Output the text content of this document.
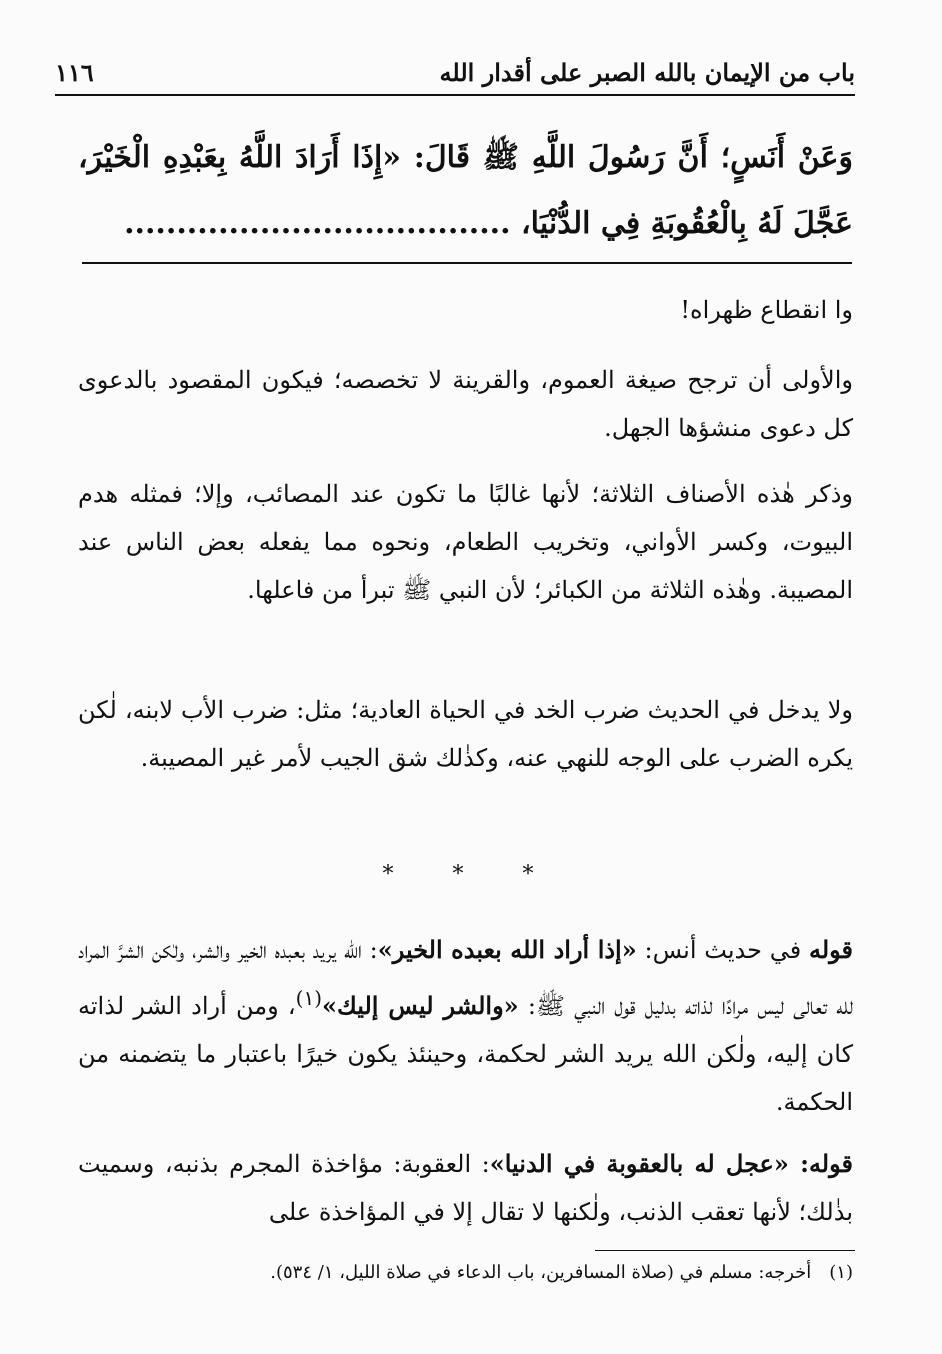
باب من الإيمان بالله الصبر على أقدار الله
١١٦
وَعَنْ أَنَسٍ؛ أَنَّ رَسُولَ اللَّهِ ﷺ قَالَ: «إِذَا أَرَادَ اللَّهُ بِعَبْدِهِ الْخَيْرَ، عَجَّلَ لَهُ بِالْعُقُوبَةِ فِي الدُّنْيَا، .....................................
وا انقطاع ظهراه!
والأولى أن ترجح صيغة العموم، والقرينة لا تخصصه؛ فيكون المقصود بالدعوى كل دعوى منشؤها الجهل.
وذكر هٰذه الأصناف الثلاثة؛ لأنها غالبًا ما تكون عند المصائب، وإلا؛ فمثله هدم البيوت، وكسر الأواني، وتخريب الطعام، ونحوه مما يفعله بعض الناس عند المصيبة. وهٰذه الثلاثة من الكبائر؛ لأن النبي ﷺ تبرأ من فاعلها.
ولا يدخل في الحديث ضرب الخد في الحياة العادية؛ مثل: ضرب الأب لابنه، لٰكن يكره الضرب على الوجه للنهي عنه، وكذٰلك شق الجيب لأمر غير المصيبة.
* * *
قوله في حديث أنس: «إذا أراد الله بعبده الخير»: الله يريد بعبده الخير والشر، ولٰكن الشرَّ المراد لله تعالى ليس مرادًا لذاته بدليل قول النبي ﷺ: «والشر ليس إليك»$^{(١)}$، ومن أراد الشر لذاته كان إليه، ولٰكن الله يريد الشر لحكمة، وحينئذ يكون خيرًا باعتبار ما يتضمنه من الحكمة.
قوله: «عجل له بالعقوبة في الدنيا»: العقوبة: مؤاخذة المجرم بذنبه، وسميت بذٰلك؛ لأنها تعقب الذنب، ولٰكنها لا تقال إلا في المؤاخذة على
(١)أخرجه: مسلم في (صلاة المسافرين، باب الدعاء في صلاة الليل، ١/ ٥٣٤).
